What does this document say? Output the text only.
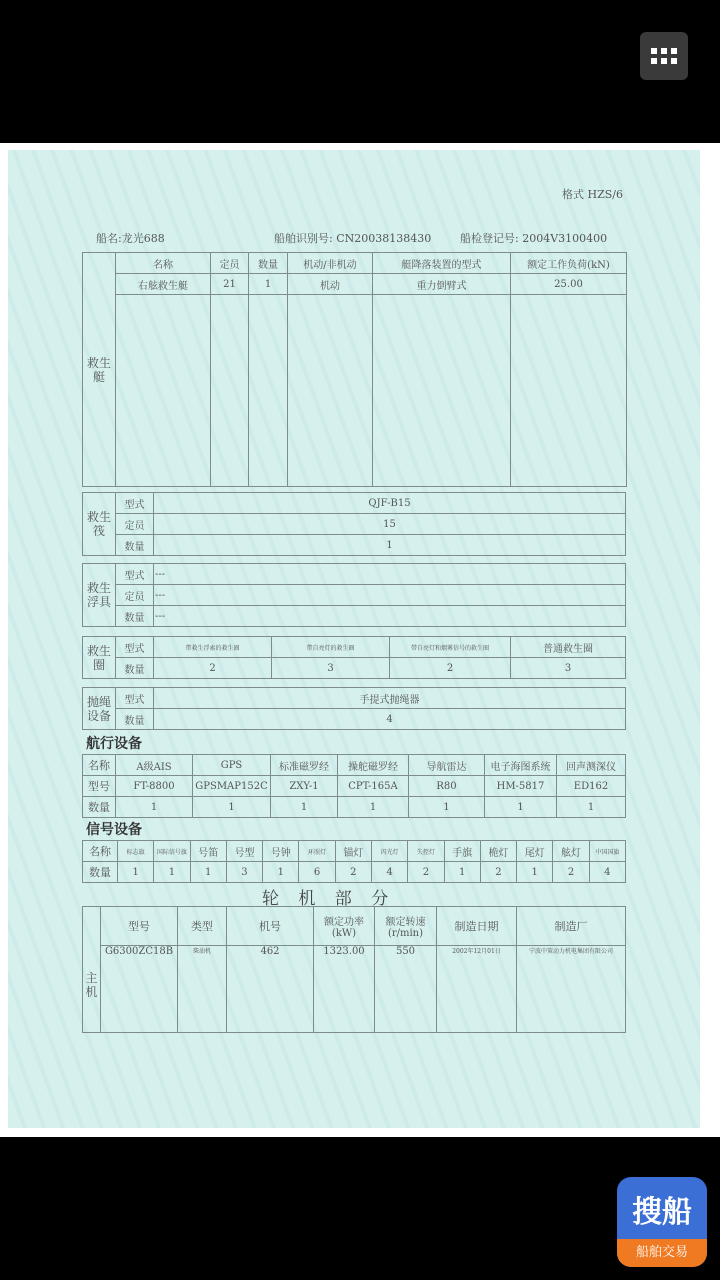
格式 HZS/6
船名:龙光688	船舶识别号: CN20038138430	船检登记号: 2004V3100400
救生艇	名称	定员	数量	机动/非机动	艇降落装置的型式	额定工作负荷(kN)
	右舷救生艇	21	1	机动	重力倒臂式	25.00

救生筏	型式	QJF-B15
	定员	15
	数量	1
救生浮具	型式	---
	定员	---
	数量	---
救生圈	型式	带救生浮索的救生圈	带自亮灯的救生圈	带自亮灯和烟雾信号的救生圈	普通救生圈
	数量	2	3	2	3
抛绳设备	型式	手提式抛绳器
	数量	4
航行设备
名称	A级AIS	GPS	标准磁罗经	操舵磁罗经	导航雷达	电子海图系统	回声测深仪
型号	FT-8800	GPSMAP152C	ZXY-1	CPT-165A	R80	HM-5817	ED162
数量	1	1	1	1	1	1	1
信号设备
名称	标志旗	国际信号旗	号笛	号型	号钟	环照灯	锚灯	闪光灯	失控灯	手旗	桅灯	尾灯	舷灯	中国国旗
数量	1	1	1	3	1	6	2	4	2	1	2	1	2	4
轮 机 部 分
主机	型号	类型	机号	额定功率(kW)	额定转速(r/min)	制造日期	制造厂
	G6300ZC18B	柴油机	462	1323.00	550	2002年12月01日	宁波中策动力机电集团有限公司
搜船
船舶交易
